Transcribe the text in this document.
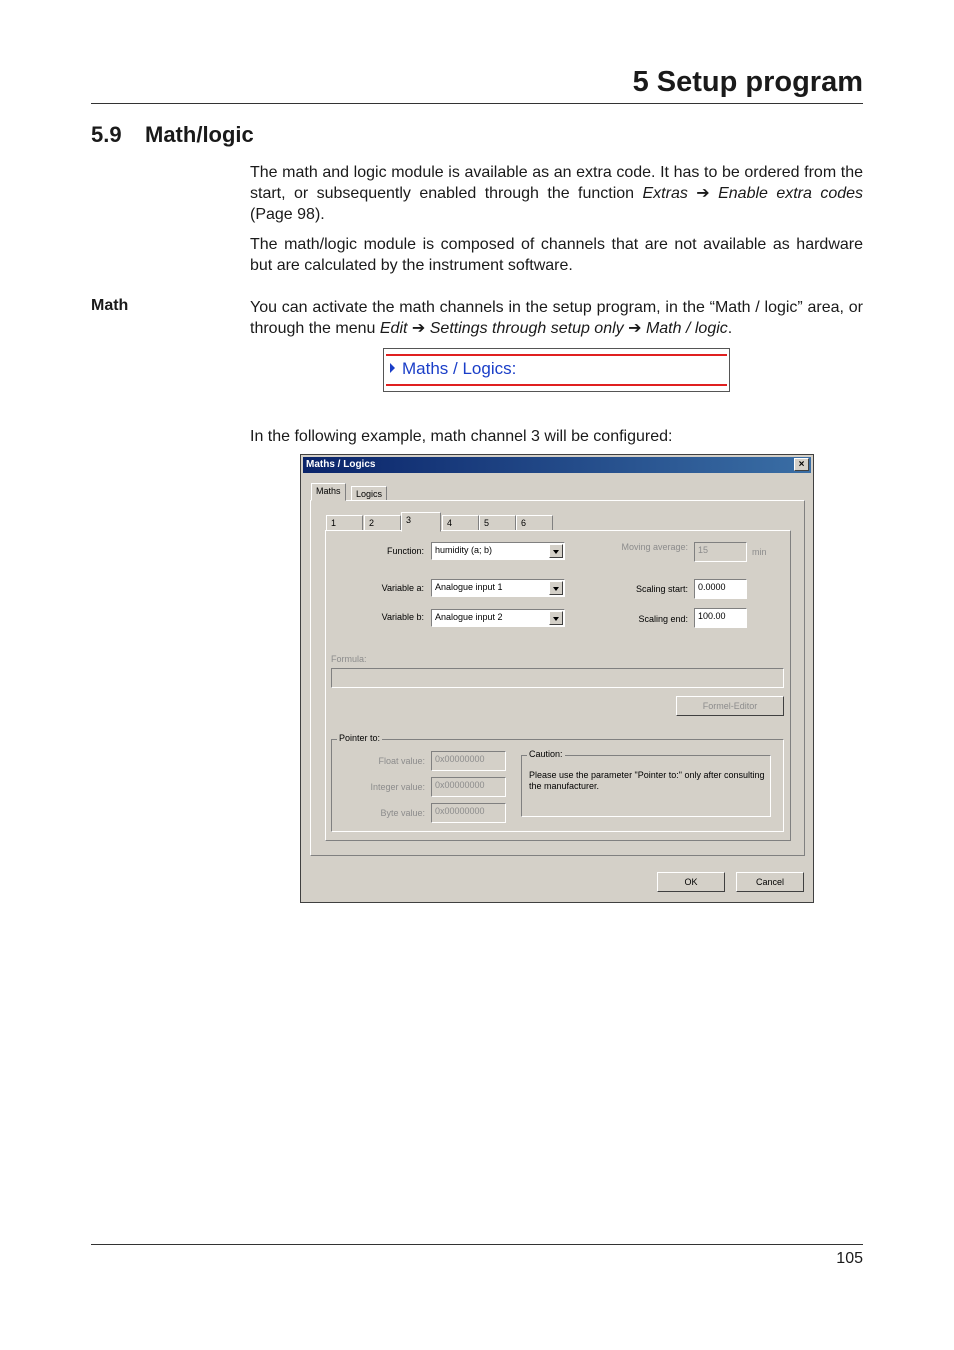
5 Setup program
5.9 Math/logic
The math and logic module is available as an extra code. It has to be ordered from the start, or subsequently enabled through the function Extras ➔ Enable extra codes (Page 98).
The math/logic module is composed of channels that are not available as hardware but are calculated by the instrument software.
Math	You can activate the math channels in the setup program, in the “Math / logic” area, or through the menu Edit ➔ Settings through setup only ➔ Math / logic.
Maths / Logics:
In the following example, math channel 3 will be configured:
Maths / Logics	×
Maths	Logics
1	2	3	4	5	6
Function:	humidity (a; b)
Variable a:	Analogue input 1
Variable b:	Analogue input 2
Moving average:	15	min
Scaling start:	0.0000
Scaling end:	100.00
Formula:
Formel-Editor
Pointer to:
Float value:	0x00000000
Integer value:	0x00000000
Byte value:	0x00000000
Caution:
Please use the parameter "Pointer to:" only after consulting the manufacturer.
OK	Cancel
105
